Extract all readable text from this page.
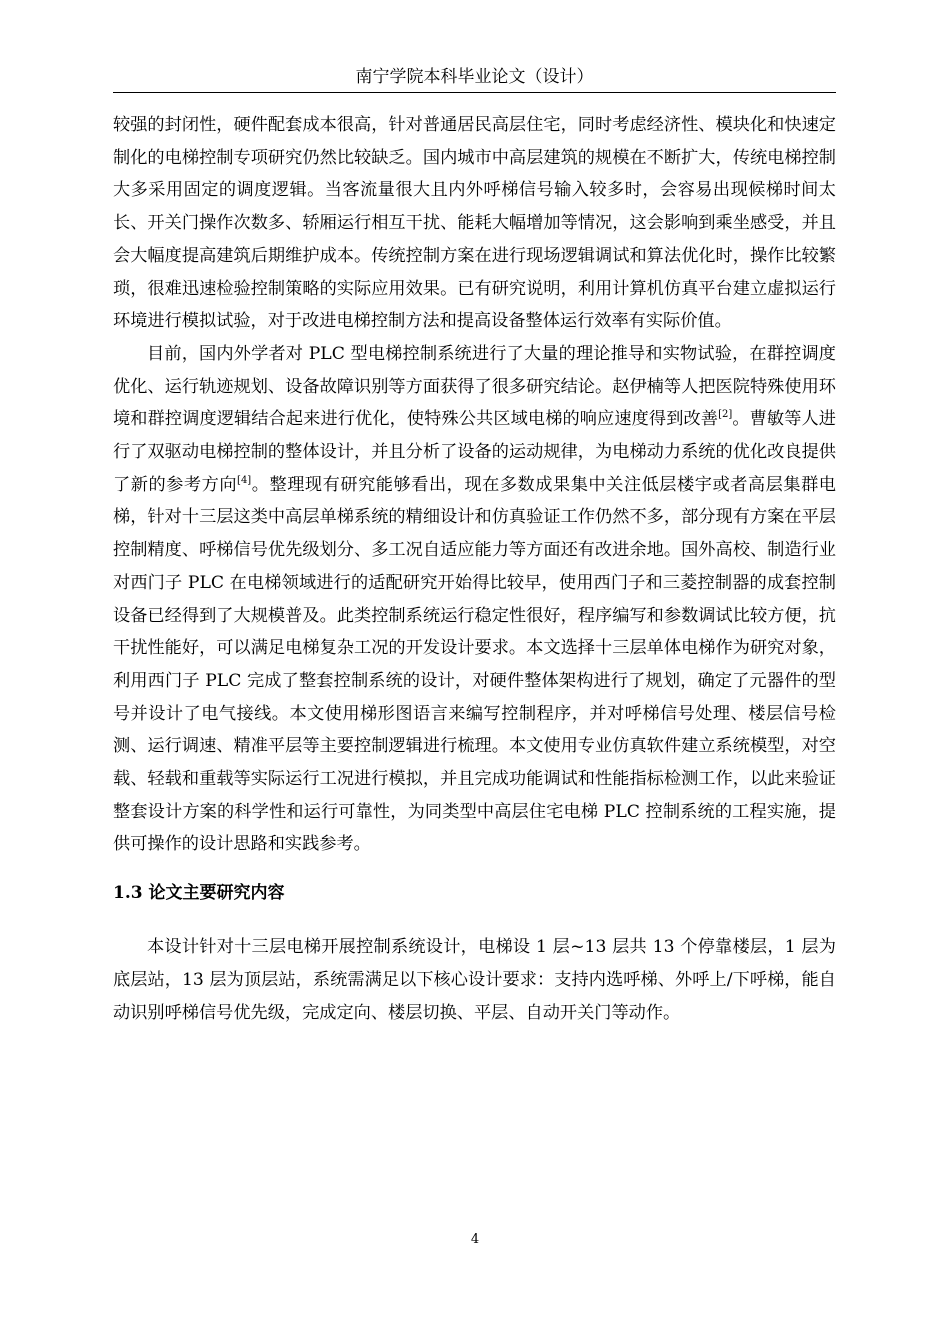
南宁学院本科毕业论文（设计）

较强的封闭性，硬件配套成本很高，针对普通居民高层住宅，同时考虑经济性、模块化和快速定制化的电梯控制专项研究仍然比较缺乏。国内城市中高层建筑的规模在不断扩大，传统电梯控制大多采用固定的调度逻辑。当客流量很大且内外呼梯信号输入较多时，会容易出现候梯时间太长、开关门操作次数多、轿厢运行相互干扰、能耗大幅增加等情况，这会影响到乘坐感受，并且会大幅度提高建筑后期维护成本。传统控制方案在进行现场逻辑调试和算法优化时，操作比较繁琐，很难迅速检验控制策略的实际应用效果。已有研究说明，利用计算机仿真平台建立虚拟运行环境进行模拟试验，对于改进电梯控制方法和提高设备整体运行效率有实际价值。

目前，国内外学者对 PLC 型电梯控制系统进行了大量的理论推导和实物试验，在群控调度优化、运行轨迹规划、设备故障识别等方面获得了很多研究结论。赵伊楠等人把医院特殊使用环境和群控调度逻辑结合起来进行优化，使特殊公共区域电梯的响应速度得到改善[2]。曹敏等人进行了双驱动电梯控制的整体设计，并且分析了设备的运动规律，为电梯动力系统的优化改良提供了新的参考方向[4]。整理现有研究能够看出，现在多数成果集中关注低层楼宇或者高层集群电梯，针对十三层这类中高层单梯系统的精细设计和仿真验证工作仍然不多，部分现有方案在平层控制精度、呼梯信号优先级划分、多工况自适应能力等方面还有改进余地。国外高校、制造行业对西门子 PLC 在电梯领域进行的适配研究开始得比较早，使用西门子和三菱控制器的成套控制设备已经得到了大规模普及。此类控制系统运行稳定性很好，程序编写和参数调试比较方便，抗干扰性能好，可以满足电梯复杂工况的开发设计要求。本文选择十三层单体电梯作为研究对象，利用西门子 PLC 完成了整套控制系统的设计，对硬件整体架构进行了规划，确定了元器件的型号并设计了电气接线。本文使用梯形图语言来编写控制程序，并对呼梯信号处理、楼层信号检测、运行调速、精准平层等主要控制逻辑进行梳理。本文使用专业仿真软件建立系统模型，对空载、轻载和重载等实际运行工况进行模拟，并且完成功能调试和性能指标检测工作，以此来验证整套设计方案的科学性和运行可靠性，为同类型中高层住宅电梯 PLC 控制系统的工程实施，提供可操作的设计思路和实践参考。

1.3 论文主要研究内容

本设计针对十三层电梯开展控制系统设计，电梯设 1 层~13 层共 13 个停靠楼层，1 层为底层站，13 层为顶层站，系统需满足以下核心设计要求：支持内选呼梯、外呼上/下呼梯，能自动识别呼梯信号优先级，完成定向、楼层切换、平层、自动开关门等动作。

4
